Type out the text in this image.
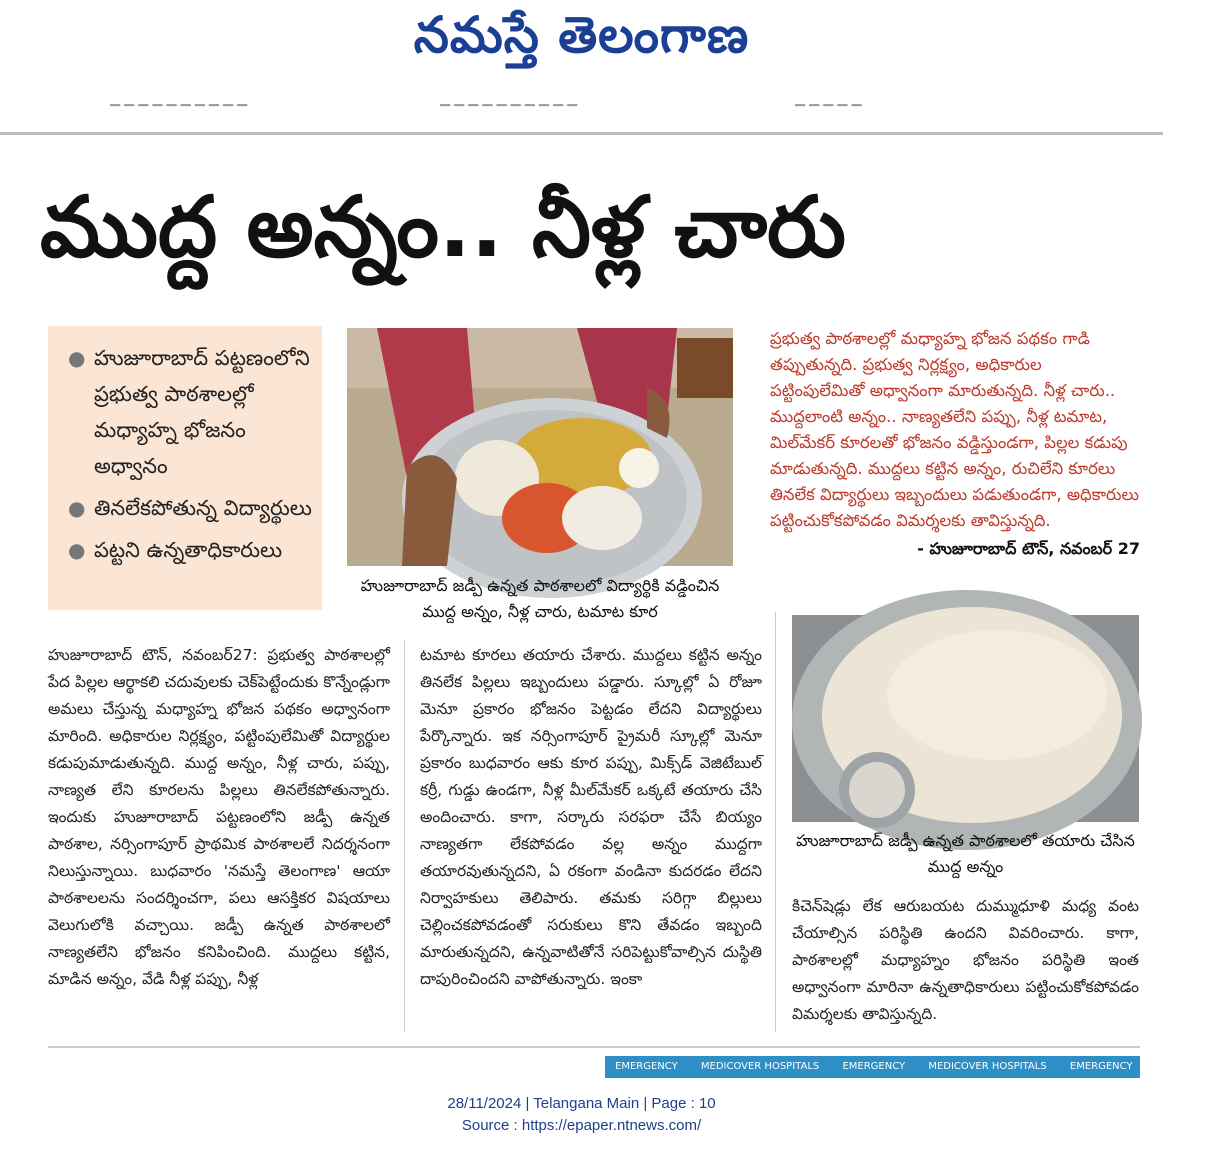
నమస్తే తెలంగాణ
▁ ▁ ▁ ▁ ▁ ▁ ▁ ▁ ▁ ▁	▁ ▁ ▁ ▁ ▁ ▁ ▁ ▁ ▁ ▁	▁ ▁ ▁ ▁ ▁
ముద్ద అన్నం.. నీళ్ల చారు
● హుజూరాబాద్ పట్టణంలోని ప్రభుత్వ పాఠశాలల్లో మధ్యాహ్న భోజనం అధ్వానం
● తినలేకపోతున్న విద్యార్థులు
● పట్టని ఉన్నతాధికారులు
హుజూరాబాద్ జడ్పీ ఉన్నత పాఠశాలలో విద్యార్థికి వడ్డించిన ముద్ద అన్నం, నీళ్ల చారు, టమాట కూర
ప్రభుత్వ పాఠశాలల్లో మధ్యాహ్న భోజన పథకం గాడి తప్పుతున్నది. ప్రభుత్వ నిర్లక్ష్యం, అధికారుల పట్టింపులేమితో అధ్వానంగా మారుతున్నది. నీళ్ల చారు.. ముద్దలాంటి అన్నం.. నాణ్యతలేని పప్పు, నీళ్ల టమాట, మిల్‌మేకర్ కూరలతో భోజనం వడ్డిస్తుండగా, పిల్లల కడుపు మాడుతున్నది. ముద్దలు కట్టిన అన్నం, రుచిలేని కూరలు తినలేక విద్యార్థులు ఇబ్బందులు పడుతుండగా, అధికారులు పట్టించుకోకపోవడం విమర్శలకు తావిస్తున్నది.
- హుజూరాబాద్ టౌన్, నవంబర్ 27
హుజూరాబాద్ జడ్పీ ఉన్నత పాఠశాలలో తయారు చేసిన ముద్ద అన్నం
హుజూరాబాద్ టౌన్, నవంబర్27: ప్రభుత్వ పాఠశాలల్లో పేద పిల్లల ఆర్థాకలి చదువులకు చెక్‌పెట్టేందుకు కొన్నేండ్లుగా అమలు చేస్తున్న మధ్యాహ్న భోజన పథకం అధ్వానంగా మారింది. అధికారుల నిర్లక్ష్యం, పట్టింపులేమితో విద్యార్థుల కడుపుమాడుతున్నది. ముద్ద అన్నం, నీళ్ల చారు, పప్పు, నాణ్యత లేని కూరలను పిల్లలు తినలేకపోతున్నారు. ఇందుకు హుజూరాబాద్ పట్టణంలోని జడ్పీ ఉన్నత పాఠశాల, నర్సింగాపూర్ ప్రాథమిక పాఠశాలలే నిదర్శనంగా నిలుస్తున్నాయి. బుధవారం 'నమస్తే తెలంగాణ' ఆయా పాఠశాలలను సందర్శించగా, పలు ఆసక్తికర విషయాలు వెలుగులోకి వచ్చాయి. జడ్పీ ఉన్నత పాఠశాలలో నాణ్యతలేని భోజనం కనిపించింది. ముద్దలు కట్టిన, మాడిన అన్నం, వేడి నీళ్ల పప్పు, నీళ్ల
టమాట కూరలు తయారు చేశారు. ముద్దలు కట్టిన అన్నం తినలేక పిల్లలు ఇబ్బందులు పడ్డారు. స్కూల్లో ఏ రోజూ మెనూ ప్రకారం భోజనం పెట్టడం లేదని విద్యార్థులు పేర్కొన్నారు. ఇక నర్సింగాపూర్ ప్రైమరీ స్కూల్లో మెనూ ప్రకారం బుధవారం ఆకు కూర పప్పు, మిక్స్‌డ్ వెజిటేబుల్ కర్రీ, గుడ్డు ఉండగా, నీళ్ల మీల్‌మేకర్ ఒక్కటే తయారు చేసి అందించారు. కాగా, సర్కారు సరఫరా చేసే బియ్యం నాణ్యతగా లేకపోవడం వల్ల అన్నం ముద్దగా తయారవుతున్నదని, ఏ రకంగా వండినా కుదరడం లేదని నిర్వాహకులు తెలిపారు. తమకు సరిగ్గా బిల్లులు చెల్లించకపోవడంతో సరుకులు కొని తేవడం ఇబ్బంది మారుతున్నదని, ఉన్నవాటితోనే సరిపెట్టుకోవాల్సిన దుస్థితి దాపురించిందని వాపోతున్నారు. ఇంకా
కిచెన్‌షెడ్లు లేక ఆరుబయట దుమ్ముధూళి మధ్య వంట చేయాల్సిన పరిస్థితి ఉందని వివరించారు. కాగా, పాఠశాలల్లో మధ్యాహ్నం భోజనం పరిస్థితి ఇంత అధ్వానంగా మారినా ఉన్నతాధికారులు పట్టించుకోకపోవడం విమర్శలకు తావిస్తున్నది.
EMERGENCY MEDICOVER HOSPITALS EMERGENCY MEDICOVER HOSPITALS EMERGENCY MEDICOVER
28/11/2024 | Telangana Main | Page : 10
Source : https://epaper.ntnews.com/
